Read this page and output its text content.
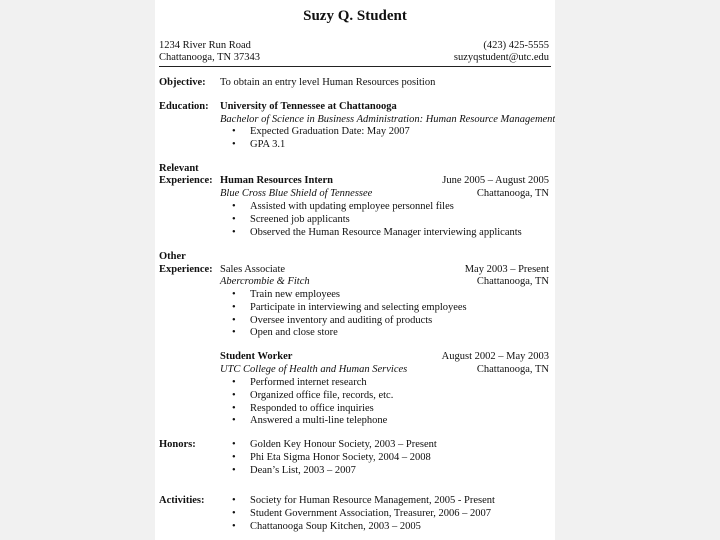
Suzy Q. Student
1234 River Run Road
Chattanooga, TN 37343
(423) 425-5555
suzyqstudent@utc.edu
Objective: To obtain an entry level Human Resources position
Education: University of Tennessee at Chattanooga
Bachelor of Science in Business Administration: Human Resource Management
• Expected Graduation Date: May 2007
• GPA 3.1
Relevant
Experience: Human Resources Intern	June 2005 – August 2005
Blue Cross Blue Shield of Tennessee	Chattanooga, TN
• Assisted with updating employee personnel files
• Screened job applicants
• Observed the Human Resource Manager interviewing applicants
Other
Experience: Sales Associate	May 2003 – Present
Abercrombie & Fitch	Chattanooga, TN
• Train new employees
• Participate in interviewing and selecting employees
• Oversee inventory and auditing of products
• Open and close store
Student Worker	August 2002 – May 2003
UTC College of Health and Human Services	Chattanooga, TN
• Performed internet research
• Organized office file, records, etc.
• Responded to office inquiries
• Answered a multi-line telephone
Honors:	• Golden Key Honour Society, 2003 – Present
• Phi Eta Sigma Honor Society, 2004 – 2008
• Dean’s List, 2003 – 2007
Activities:	• Society for Human Resource Management, 2005 - Present
• Student Government Association, Treasurer, 2006 – 2007
• Chattanooga Soup Kitchen, 2003 – 2005
